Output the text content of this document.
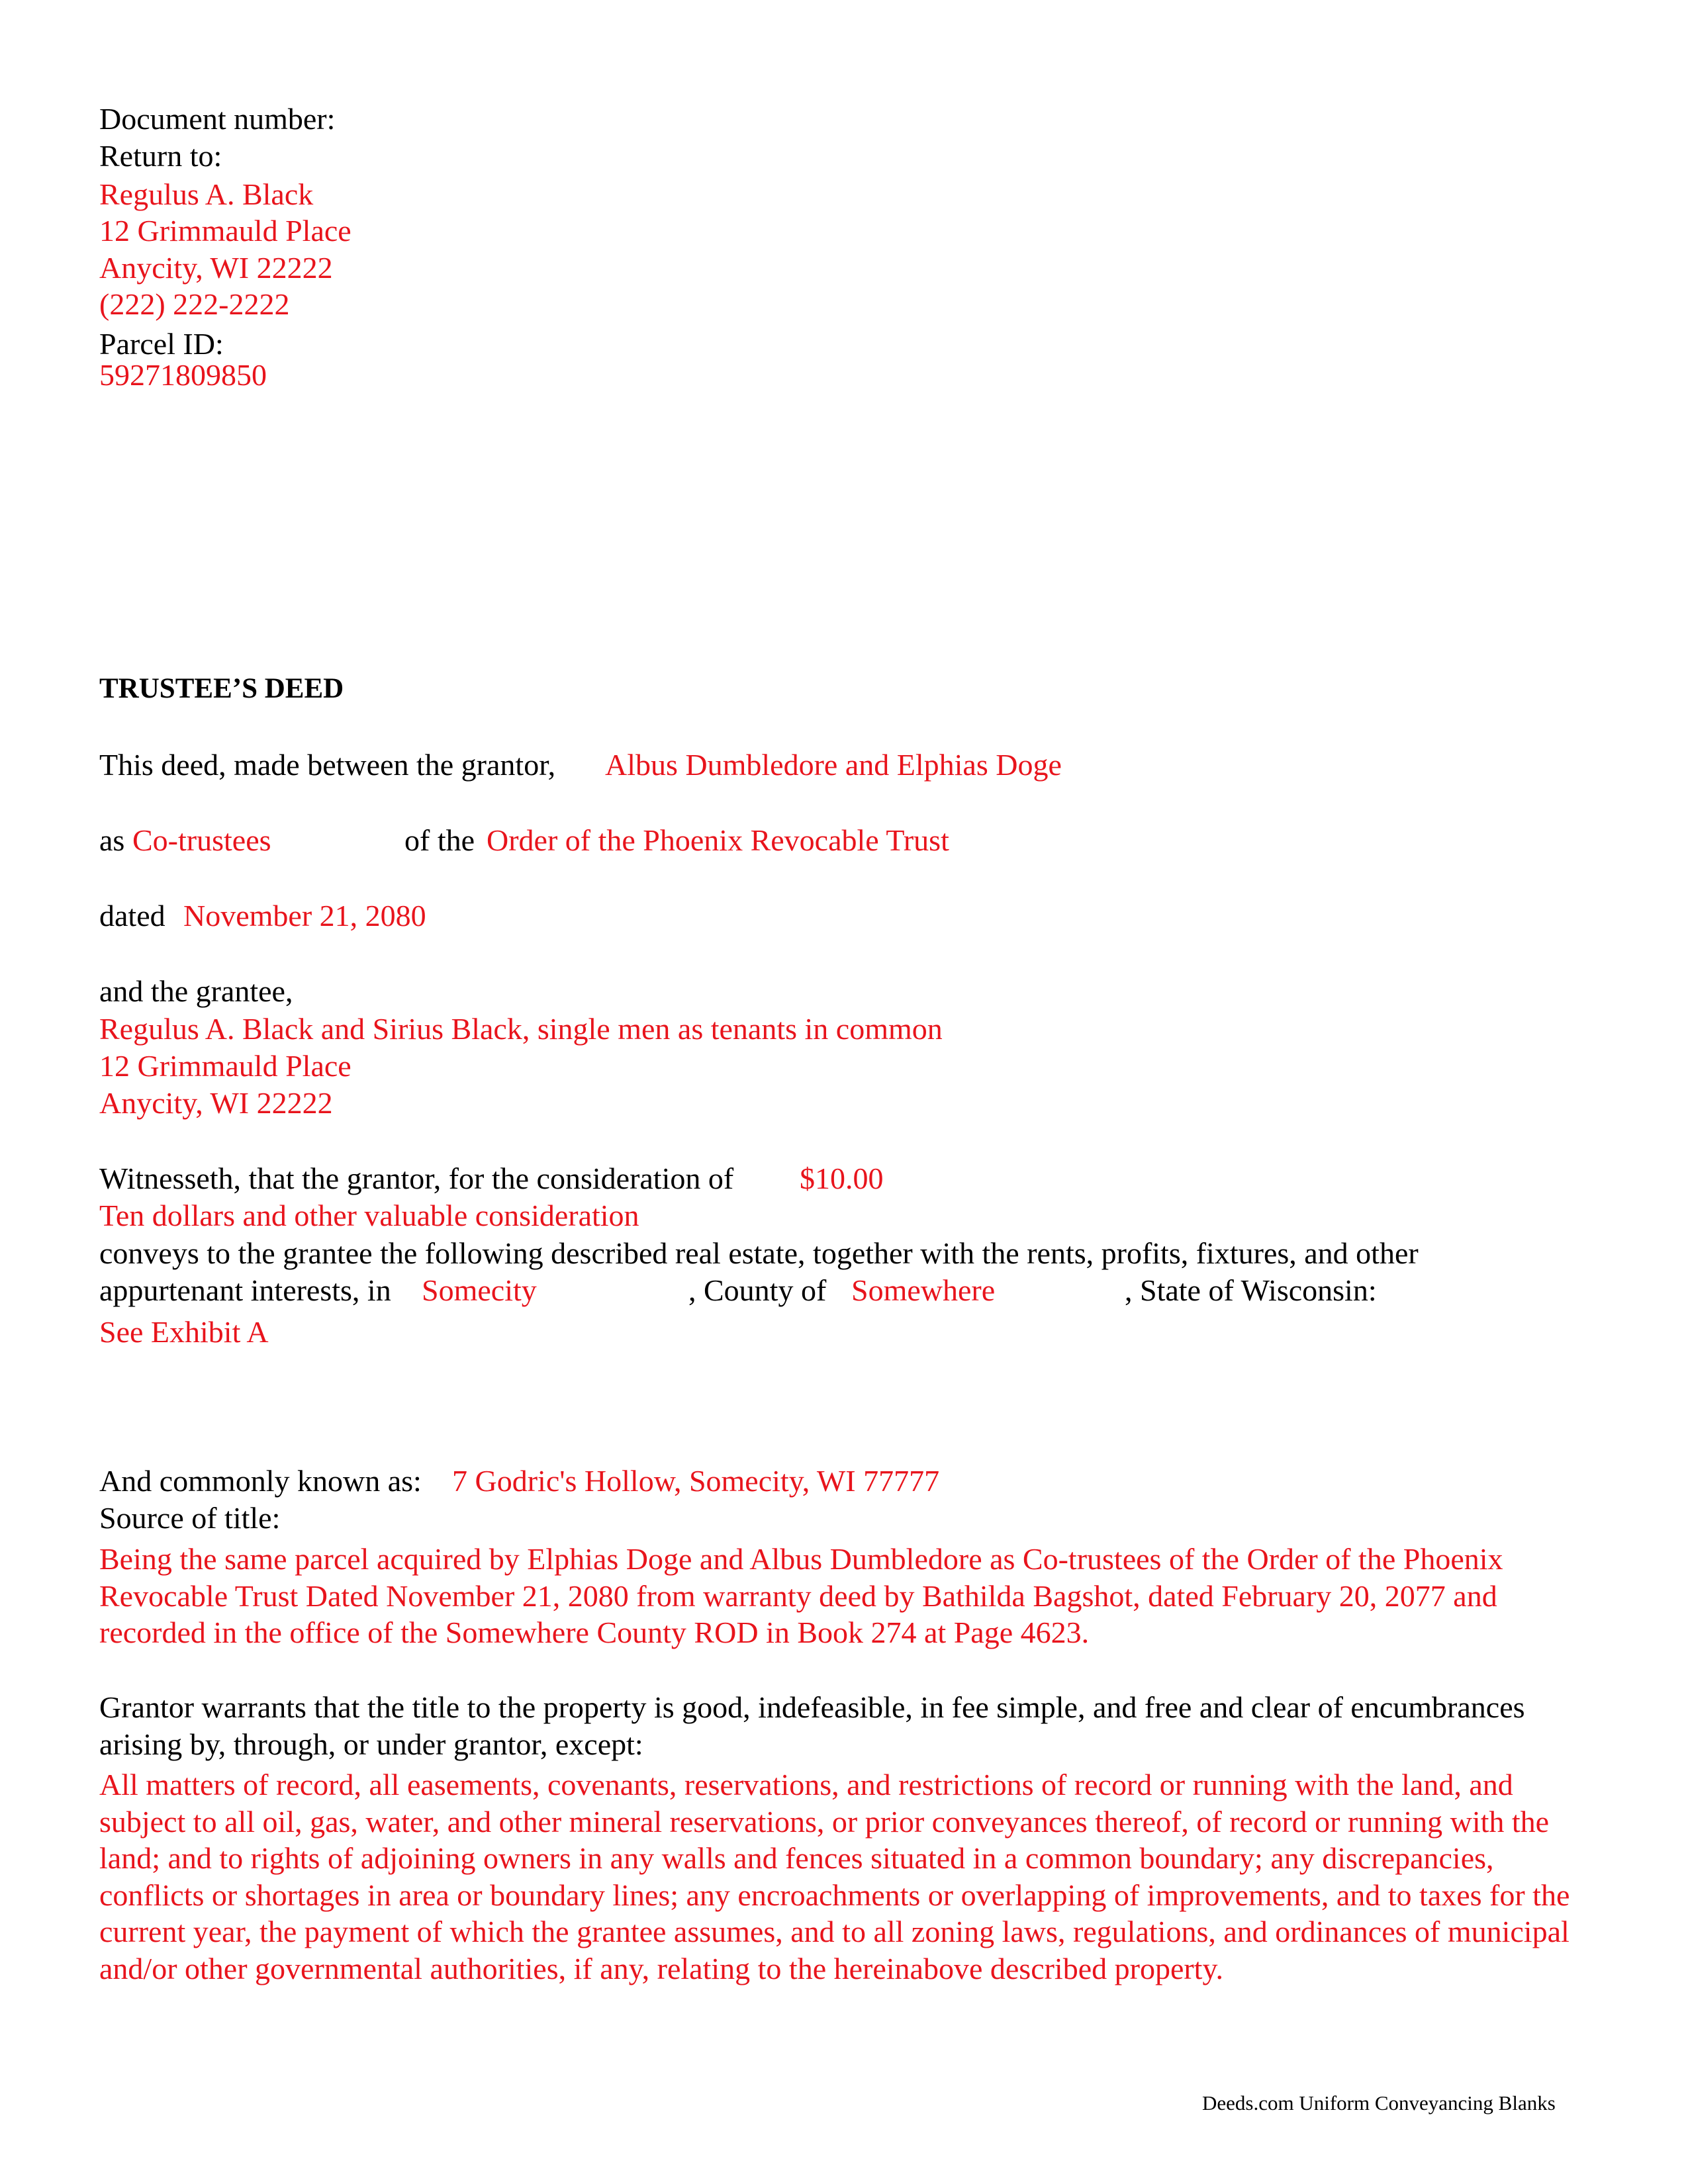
Document number:
Return to:
Regulus A. Black
12 Grimmauld Place
Anycity, WI 22222
(222) 222-2222
Parcel ID:
59271809850
TRUSTEE’S DEED
This deed, made between the grantor, Albus Dumbledore and Elphias Doge
as Co-trustees	of the Order of the Phoenix Revocable Trust
dated November 21, 2080
and the grantee,
Regulus A. Black and Sirius Black, single men as tenants in common
12 Grimmauld Place
Anycity, WI 22222
Witnesseth, that the grantor, for the consideration of $10.00
Ten dollars and other valuable consideration
conveys to the grantee the following described real estate, together with the rents, profits, fixtures, and other
appurtenant interests, in Somecity	, County of Somewhere	, State of Wisconsin:
See Exhibit A
And commonly known as: 7 Godric's Hollow, Somecity, WI 77777
Source of title:
Being the same parcel acquired by Elphias Doge and Albus Dumbledore as Co-trustees of the Order of the Phoenix Revocable Trust Dated November 21, 2080 from warranty deed by Bathilda Bagshot, dated February 20, 2077 and recorded in the office of the Somewhere County ROD in Book 274 at Page 4623.
Grantor warrants that the title to the property is good, indefeasible, in fee simple, and free and clear of encumbrances arising by, through, or under grantor, except:
All matters of record, all easements, covenants, reservations, and restrictions of record or running with the land, and subject to all oil, gas, water, and other mineral reservations, or prior conveyances thereof, of record or running with the land; and to rights of adjoining owners in any walls and fences situated in a common boundary; any discrepancies, conflicts or shortages in area or boundary lines; any encroachments or overlapping of improvements, and to taxes for the current year, the payment of which the grantee assumes, and to all zoning laws, regulations, and ordinances of municipal and/or other governmental authorities, if any, relating to the hereinabove described property.
Deeds.com Uniform Conveyancing Blanks
